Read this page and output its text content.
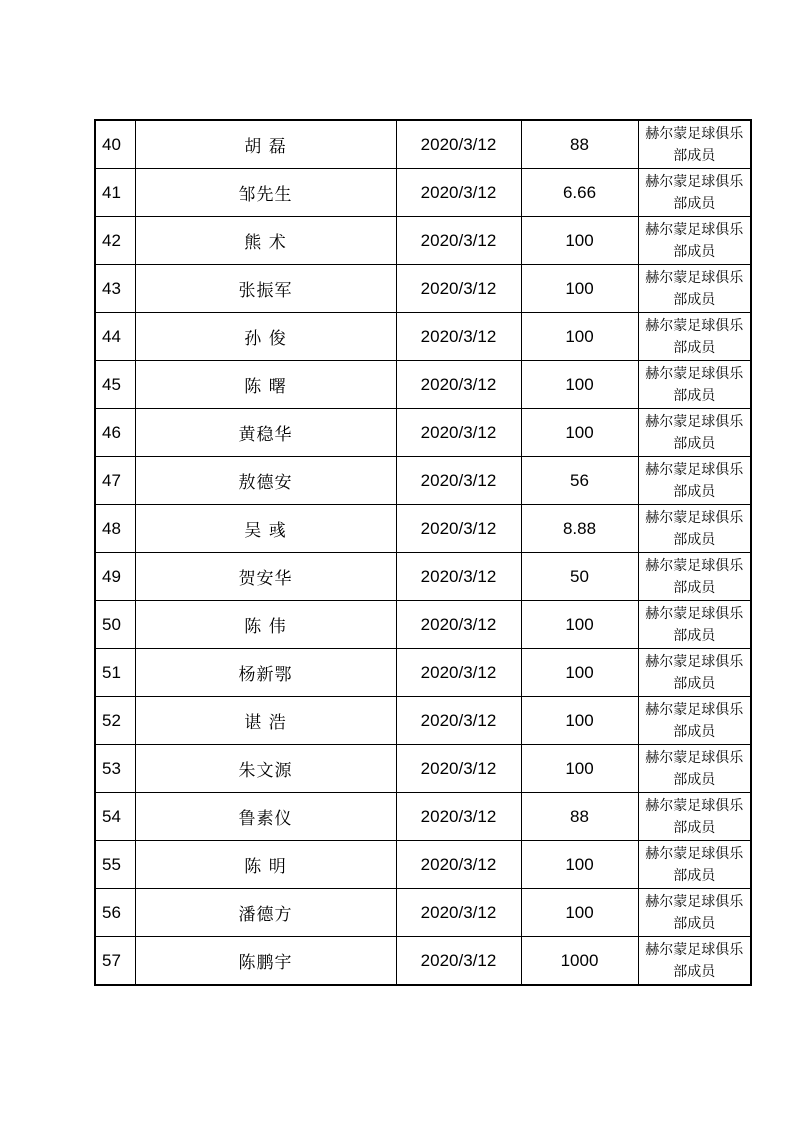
40	胡 磊	2020/3/12	88	赫尔蒙足球俱乐部成员
41	邹先生	2020/3/12	6.66	赫尔蒙足球俱乐部成员
42	熊 术	2020/3/12	100	赫尔蒙足球俱乐部成员
43	张振军	2020/3/12	100	赫尔蒙足球俱乐部成员
44	孙 俊	2020/3/12	100	赫尔蒙足球俱乐部成员
45	陈 曙	2020/3/12	100	赫尔蒙足球俱乐部成员
46	黄稳华	2020/3/12	100	赫尔蒙足球俱乐部成员
47	敖德安	2020/3/12	56	赫尔蒙足球俱乐部成员
48	吴 彧	2020/3/12	8.88	赫尔蒙足球俱乐部成员
49	贺安华	2020/3/12	50	赫尔蒙足球俱乐部成员
50	陈 伟	2020/3/12	100	赫尔蒙足球俱乐部成员
51	杨新鄂	2020/3/12	100	赫尔蒙足球俱乐部成员
52	谌 浩	2020/3/12	100	赫尔蒙足球俱乐部成员
53	朱文源	2020/3/12	100	赫尔蒙足球俱乐部成员
54	鲁素仪	2020/3/12	88	赫尔蒙足球俱乐部成员
55	陈 明	2020/3/12	100	赫尔蒙足球俱乐部成员
56	潘德方	2020/3/12	100	赫尔蒙足球俱乐部成员
57	陈鹏宇	2020/3/12	1000	赫尔蒙足球俱乐部成员
